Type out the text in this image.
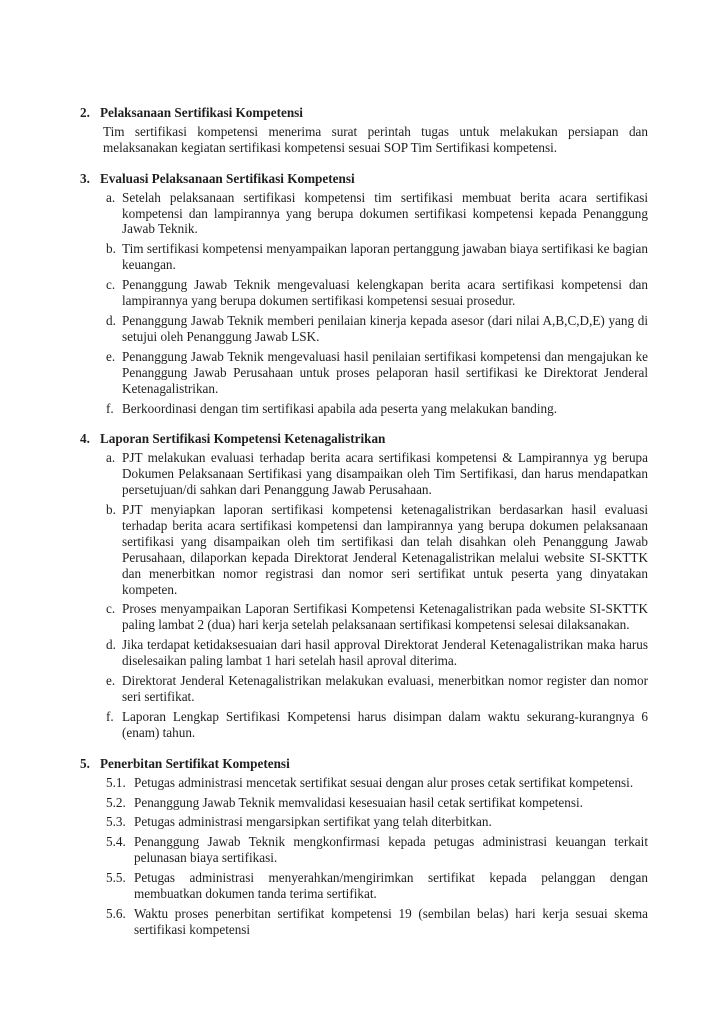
2. Pelaksanaan Sertifikasi Kompetensi

Tim sertifikasi kompetensi menerima surat perintah tugas untuk melakukan persiapan dan melaksanakan kegiatan sertifikasi kompetensi sesuai SOP Tim Sertifikasi kompetensi.

3. Evaluasi Pelaksanaan Sertifikasi Kompetensi
a. Setelah pelaksanaan sertifikasi kompetensi tim sertifikasi membuat berita acara sertifikasi kompetensi dan lampirannya yang berupa dokumen sertifikasi kompetensi kepada Penanggung Jawab Teknik.
b. Tim sertifikasi kompetensi menyampaikan laporan pertanggung jawaban biaya sertifikasi ke bagian keuangan.
c. Penanggung Jawab Teknik mengevaluasi kelengkapan berita acara sertifikasi kompetensi dan lampirannya yang berupa dokumen sertifikasi kompetensi sesuai prosedur.
d. Penanggung Jawab Teknik memberi penilaian kinerja kepada asesor (dari nilai A,B,C,D,E) yang di setujui oleh Penanggung Jawab LSK.
e. Penanggung Jawab Teknik mengevaluasi hasil penilaian sertifikasi kompetensi dan mengajukan ke Penanggung Jawab Perusahaan untuk proses pelaporan hasil sertifikasi ke Direktorat Jenderal Ketenagalistrikan.
f. Berkoordinasi dengan tim sertifikasi apabila ada peserta yang melakukan banding.
4. Laporan Sertifikasi Kompetensi Ketenagalistrikan
a. PJT melakukan evaluasi terhadap berita acara sertifikasi kompetensi & Lampirannya yg berupa Dokumen Pelaksanaan Sertifikasi yang disampaikan oleh Tim Sertifikasi, dan harus mendapatkan persetujuan/di sahkan dari Penanggung Jawab Perusahaan.
b. PJT menyiapkan laporan sertifikasi kompetensi ketenagalistrikan berdasarkan hasil evaluasi terhadap berita acara sertifikasi kompetensi dan lampirannya yang berupa dokumen pelaksanaan sertifikasi yang disampaikan oleh tim sertifikasi dan telah disahkan oleh Penanggung Jawab Perusahaan, dilaporkan kepada Direktorat Jenderal Ketenagalistrikan melalui website SI-SKTTK dan menerbitkan nomor registrasi dan nomor seri sertifikat untuk peserta yang dinyatakan kompeten.
c. Proses menyampaikan Laporan Sertifikasi Kompetensi Ketenagalistrikan pada website SI-SKTTK paling lambat 2 (dua) hari kerja setelah pelaksanaan sertifikasi kompetensi selesai dilaksanakan.
d. Jika terdapat ketidaksesuaian dari hasil approval Direktorat Jenderal Ketenagalistrikan maka harus diselesaikan paling lambat 1 hari setelah hasil aproval diterima.
e. Direktorat Jenderal Ketenagalistrikan melakukan evaluasi, menerbitkan nomor register dan nomor seri sertifikat.
f. Laporan Lengkap Sertifikasi Kompetensi harus disimpan dalam waktu sekurang-kurangnya 6 (enam) tahun.
5. Penerbitan Sertifikat Kompetensi
5.1. Petugas administrasi mencetak sertifikat sesuai dengan alur proses cetak sertifikat kompetensi.
5.2. Penanggung Jawab Teknik memvalidasi kesesuaian hasil cetak sertifikat kompetensi.
5.3. Petugas administrasi mengarsipkan sertifikat yang telah diterbitkan.
5.4. Penanggung Jawab Teknik mengkonfirmasi kepada petugas administrasi keuangan terkait pelunasan biaya sertifikasi.
5.5. Petugas administrasi menyerahkan/mengirimkan sertifikat kepada pelanggan dengan membuatkan dokumen tanda terima sertifikat.
5.6. Waktu proses penerbitan sertifikat kompetensi 19 (sembilan belas) hari kerja sesuai skema sertifikasi kompetensi
